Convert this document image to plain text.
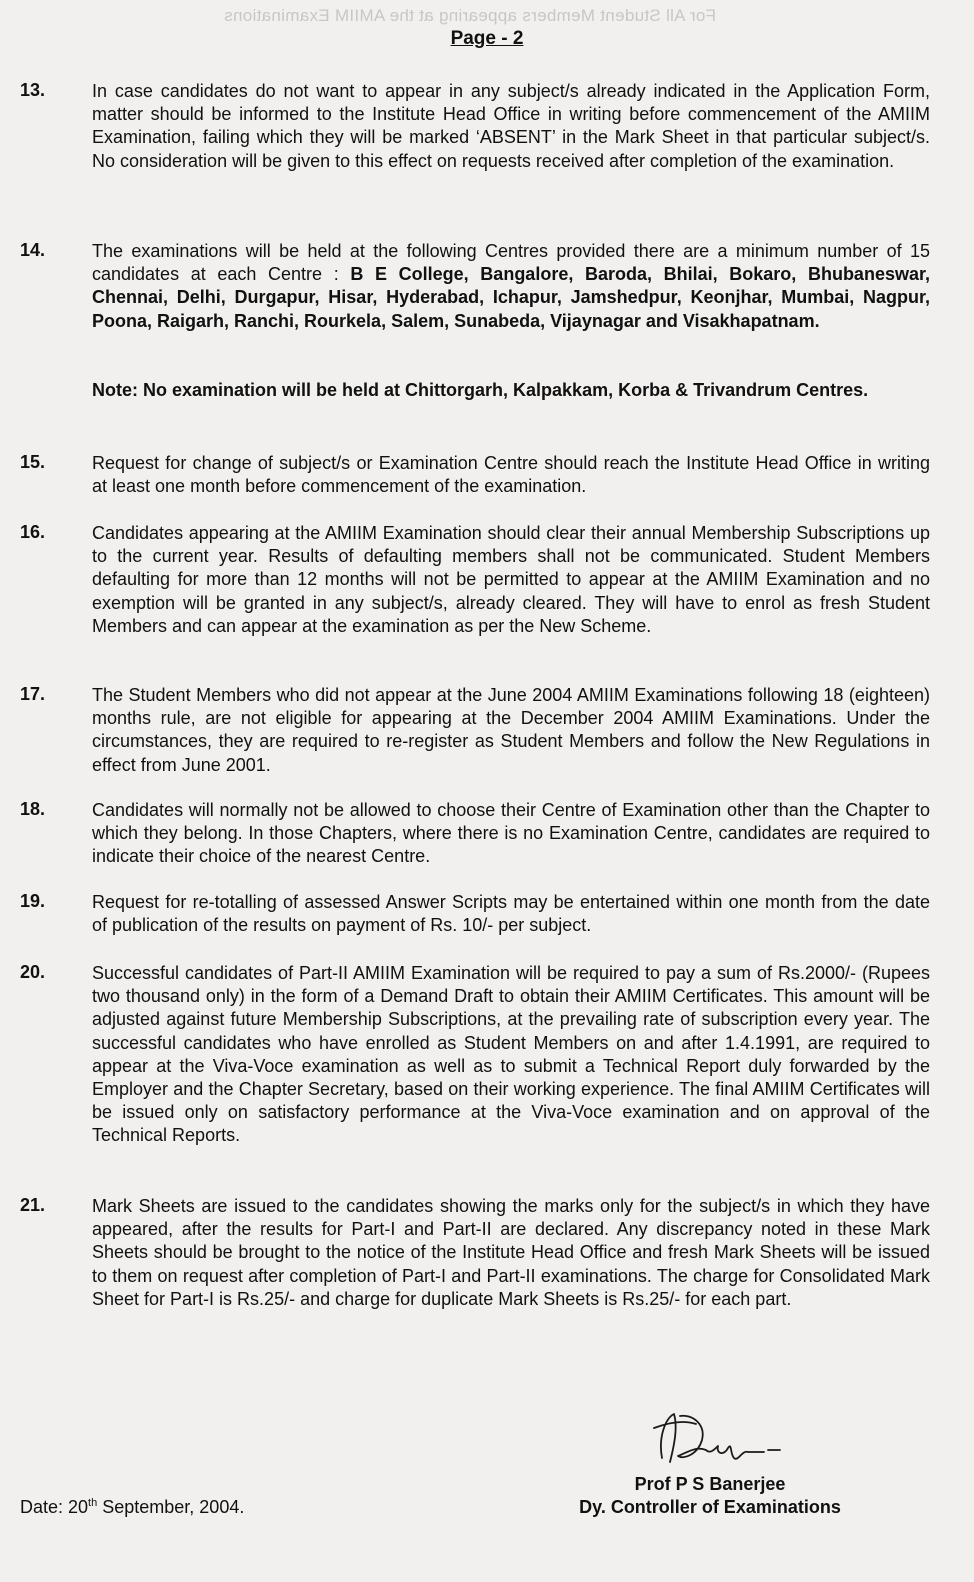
For All Student Members appearing at the AMIIM Examinations
Page - 2
13.	In case candidates do not want to appear in any subject/s already indicated in the Application Form, matter should be informed to the Institute Head Office in writing before commencement of the AMIIM Examination, failing which they will be marked ‘ABSENT’ in the Mark Sheet in that particular subject/s. No consideration will be given to this effect on requests received after completion of the examination.
14.	The examinations will be held at the following Centres provided there are a minimum number of 15 candidates at each Centre : B E College, Bangalore, Baroda, Bhilai, Bokaro, Bhubaneswar, Chennai, Delhi, Durgapur, Hisar, Hyderabad, Ichapur, Jamshedpur, Keonjhar, Mumbai, Nagpur, Poona, Raigarh, Ranchi, Rourkela, Salem, Sunabeda, Vijaynagar and Visakhapatnam.
Note: No examination will be held at Chittorgarh, Kalpakkam, Korba & Trivandrum Centres.
15.	Request for change of subject/s or Examination Centre should reach the Institute Head Office in writing at least one month before commencement of the examination.
16.	Candidates appearing at the AMIIM Examination should clear their annual Membership Subscriptions up to the current year. Results of defaulting members shall not be communicated. Student Members defaulting for more than 12 months will not be permitted to appear at the AMIIM Examination and no exemption will be granted in any subject/s, already cleared. They will have to enrol as fresh Student Members and can appear at the examination as per the New Scheme.
17.	The Student Members who did not appear at the June 2004 AMIIM Examinations following 18 (eighteen) months rule, are not eligible for appearing at the December 2004 AMIIM Examinations. Under the circumstances, they are required to re-register as Student Members and follow the New Regulations in effect from June 2001.
18.	Candidates will normally not be allowed to choose their Centre of Examination other than the Chapter to which they belong. In those Chapters, where there is no Examination Centre, candidates are required to indicate their choice of the nearest Centre.
19.	Request for re-totalling of assessed Answer Scripts may be entertained within one month from the date of publication of the results on payment of Rs. 10/- per subject.
20.	Successful candidates of Part-II AMIIM Examination will be required to pay a sum of Rs.2000/- (Rupees two thousand only) in the form of a Demand Draft to obtain their AMIIM Certificates. This amount will be adjusted against future Membership Subscriptions, at the prevailing rate of subscription every year. The successful candidates who have enrolled as Student Members on and after 1.4.1991, are required to appear at the Viva-Voce examination as well as to submit a Technical Report duly forwarded by the Employer and the Chapter Secretary, based on their working experience. The final AMIIM Certificates will be issued only on satisfactory performance at the Viva-Voce examination and on approval of the Technical Reports.
21.	Mark Sheets are issued to the candidates showing the marks only for the subject/s in which they have appeared, after the results for Part-I and Part-II are declared. Any discrepancy noted in these Mark Sheets should be brought to the notice of the Institute Head Office and fresh Mark Sheets will be issued to them on request after completion of Part-I and Part-II examinations. The charge for Consolidated Mark Sheet for Part-I is Rs.25/- and charge for duplicate Mark Sheets is Rs.25/- for each part.
Prof P S Banerjee
Dy. Controller of Examinations
Date: 20th September, 2004.
